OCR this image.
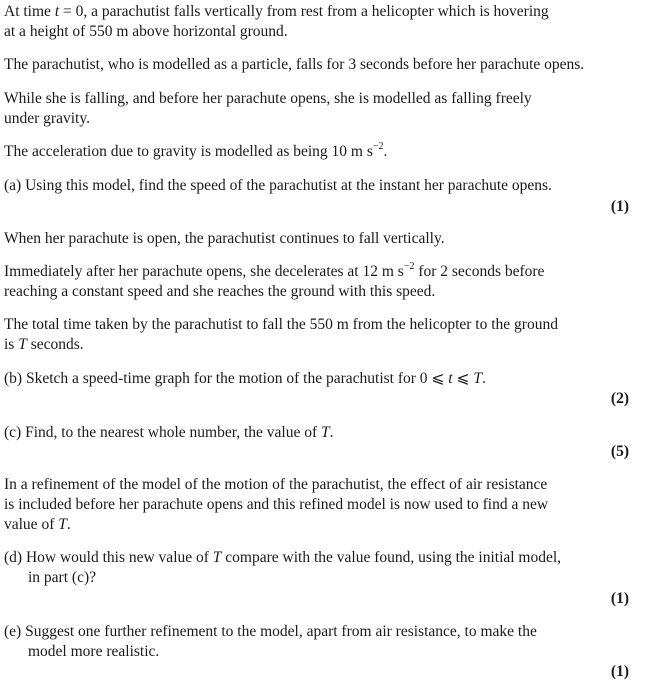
At time t = 0, a parachutist falls vertically from rest from a helicopter which is hovering
at a height of 550 m above horizontal ground.

The parachutist, who is modelled as a particle, falls for 3 seconds before her parachute opens.

While she is falling, and before her parachute opens, she is modelled as falling freely
under gravity.

The acceleration due to gravity is modelled as being 10 m $s^{-2}$.

(a) Using this model, find the speed of the parachutist at the instant her parachute opens.

(1)

When her parachute is open, the parachutist continues to fall vertically.

Immediately after her parachute opens, she decelerates at 12 m $s^{-2}$ for 2 seconds before
reaching a constant speed and she reaches the ground with this speed.

The total time taken by the parachutist to fall the 550 m from the helicopter to the ground
is T seconds.

(b) Sketch a speed-time graph for the motion of the parachutist for 0 ⩽ t ⩽ T.

(2)

(c) Find, to the nearest whole number, the value of T.

(5)

In a refinement of the model of the motion of the parachutist, the effect of air resistance
is included before her parachute opens and this refined model is now used to find a new
value of T.

(d) How would this new value of T compare with the value found, using the initial model,
in part (c)?

(1)

(e) Suggest one further refinement to the model, apart from air resistance, to make the
model more realistic.

(1)
